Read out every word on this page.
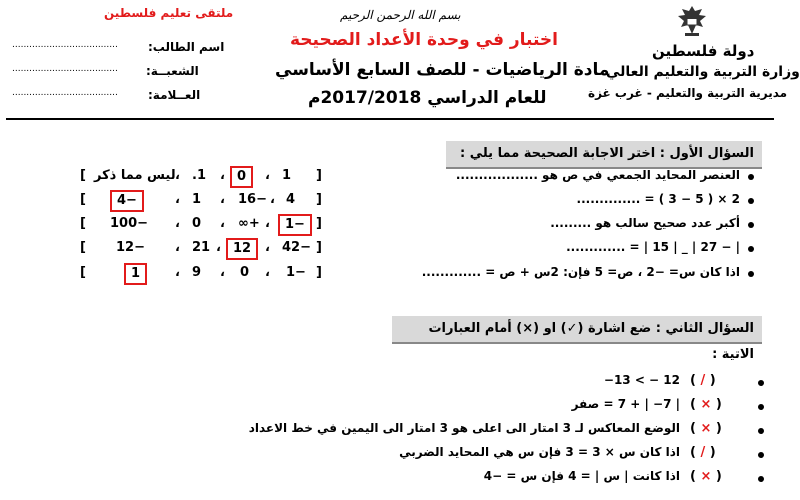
ملتقى تعليم فلسطين	بسم الله الرحمن الرحيم
اختبار في وحدة الأعداد الصحيحة
مادة الرياضيات - للصف السابع الأساسي
للعام الدراسي 2017/2018م
دولة فلسطين
وزارة التربية والتعليم العالي
مديرية التربية والتعليم - غرب غزة
اسم الطالب:
.....................................
الشعبــة:
.....................................
العــلامة:
.....................................
السؤال الأول : اختر الاجابة الصحيحة مما يلي :
العنصر المحايد الجمعي في ص هو ..................
[ ليس مما ذكر ، .1 ، 0	، 1 ]
2 × ( 5 − 3 ) = ..............
[	4−	، 1 ، 16− ، 4 ]
أكبر عدد صحيح سالب هو .........
[ 100− ، 0 ، ∞+ ،	1− ]
| − 27 | _ | 15 | = .............
[ 12− ، 21 ، 12	، 42− ]
اذا كان س= −2 ، ص= 5 فإن: 2س + ص = .............
[	1	، 9 ، 0 ، 1− ]
السؤال الثاني : ضع اشارة (✓) او (×) أمام العبارات الاتية :
( / )
12 − > 13−
( × )
| 7− | + 7 = صفر
( × )
الوضع المعاكس لـ 3 امتار الى اعلى هو 3 امتار الى اليمين في خط الاعداد
( / )
اذا كان س × 3 = 3 فإن س هي المحايد الضربي
( × )
اذا كانت | س | = 4 فإن س = −4
